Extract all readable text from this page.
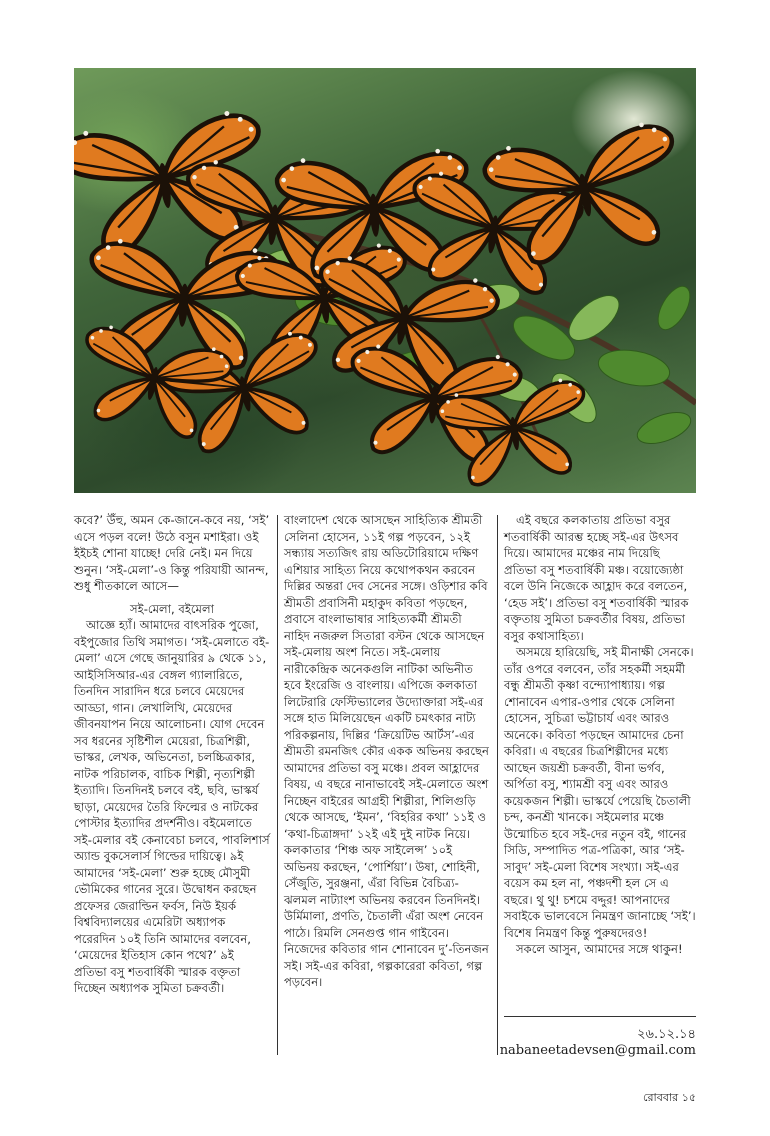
কবে?’ উঁহু, অমন কে-জানে-কবে নয়, ‘সই’ এসে পড়ল বলে! উঠে বসুন মশাইরা। ওই ইইচই শোনা যাচ্ছে! দেরি নেই। মন দিয়ে শুনুন। ‘সই-মেলা’-ও কিন্তু পরিযায়ী আনন্দ, শুধু শীতকালে আসে—

সই-মেলা, বইমেলা

আজ্ঞে হ্যাঁ। আমাদের বাৎসরিক পুজো, বইপুজোর তিথি সমাগত। ‘সই-মেলাতে বই-মেলা’ এসে গেছে জানুয়ারির ৯ থেকে ১১, আইসিসিআর-এর বেঙ্গল গ্যালারিতে, তিনদিন সারাদিন ধরে চলবে মেয়েদের আড্ডা, গান। লেখালিখি, মেয়েদের জীবনযাপন নিয়ে আলোচনা। যোগ দেবেন সব ধরনের সৃষ্টিশীল মেয়েরা, চিত্রশিল্পী, ভাস্কর, লেখক, অভিনেতা, চলচ্চিত্রকার, নাটক পরিচালক, বাচিক শিল্পী, নৃত্যশিল্পী ইত্যাদি। তিনদিনই চলবে বই, ছবি, ভাস্কর্য ছাড়া, মেয়েদের তৈরি ফিল্মের ও নাটকের পোস্টার ইত্যাদির প্রদর্শনীও। বইমেলাতে সই-মেলার বই কেনাবেচা চলবে, পাবলিশার্স অ্যান্ড বুকসেলার্স গিল্ডের দায়িত্বে। ৯ই আমাদের ‘সই-মেলা’ শুরু হচ্ছে মৌসুমী ভৌমিকের গানের সুরে। উদ্বোধন করছেন প্রফেসর জেরাল্ডিন ফর্বস, নিউ ইয়র্ক বিশ্ববিদ্যালয়ের এমেরিটা অধ্যাপক পরেরদিন ১০ই তিনি আমাদের বলবেন, ‘মেয়েদের ইতিহাস কোন পথে?’ ৯ই প্রতিভা বসু শতবার্ষিকী স্মারক বক্তৃতা দিচ্ছেন অধ্যাপক সুমিতা চক্রবর্তী।

বাংলাদেশ থেকে আসছেন সাহিত্যিক শ্রীমতী সেলিনা হোসেন, ১১ই গল্প পড়বেন, ১২ই সন্ধ্যায় সত্যজিৎ রায় অডিটোরিয়ামে দক্ষিণ এশিয়ার সাহিত্য নিয়ে কথোপকথন করবেন দিল্লির অন্তরা দেব সেনের সঙ্গে। ওড়িশার কবি শ্রীমতী প্রবাসিনী মহাকুদ কবিতা পড়ছেন, প্রবাসে বাংলাভাষার সাহিত্যকর্মী শ্রীমতী নাহিদ নজরুল সিতারা বস্টন থেকে আসছেন সই-মেলায় অংশ নিতে। সই-মেলায় নারীকেন্দ্রিক অনেকগুলি নাটিকা অভিনীত হবে ইংরেজি ও বাংলায়। এপিজে কলকাতা লিটেরারি ফেস্টিভ্যালের উদ্যোক্তারা সই-এর সঙ্গে হাত মিলিয়েছেন একটি চমৎকার নাট্য পরিকল্পনায়, দিল্লির ‘ক্রিয়েটিভ আর্টস’-এর শ্রীমতী রমনজিৎ কৌর একক অভিনয় করছেন আমাদের প্রতিভা বসু মঞ্চে। প্রবল আহ্লাদের বিষয়, এ বছরে নানাভাবেই সই-মেলাতে অংশ নিচ্ছেন বাইরের আগ্রহী শিল্পীরা, শিলিগুড়ি থেকে আসছে, ‘ইমন’, ‘বিহরির কথা’ ১১ই ও ‘কথা-চিত্রাঙ্গদা’ ১২ই এই দুই নাটক নিয়ে। কলকাতার ‘শিঞ্চ অফ সাইলেন্স’ ১০ই অভিনয় করছেন, ‘পোর্শিয়া’। উষা, শোহিনী, সেঁজুতি, সুরঞ্জনা, এঁরা বিভিন্ন বৈচিত্র্য-ঝলমল নাট্যাংশ অভিনয় করবেন তিনদিনই। উর্মিমালা, প্রণতি, চৈতালী এঁরা অংশ নেবেন পাঠে। রিমলি সেনগুপ্ত গান গাইবেন। নিজেদের কবিতার গান শোনাবেন দু’-তিনজন সই। সই-এর কবিরা, গল্পকারেরা কবিতা, গল্প পড়বেন।

এই বছরে কলকাতায় প্রতিভা বসুর শতবার্ষিকী আরম্ভ হচ্ছে সই-এর উৎসব দিয়ে। আমাদের মঞ্চের নাম দিয়েছি প্রতিভা বসু শতবার্ষিকী মঞ্চ। বয়োজ্যেষ্ঠা বলে উনি নিজেকে আহ্লাদ করে বলতেন, ‘হেড সই’। প্রতিভা বসু শতবার্ষিকী স্মারক বক্তৃতায় সুমিতা চক্রবর্তীর বিষয়, প্রতিভা বসুর কথাসাহিত্য।

অসময়ে হারিয়েছি, সই মীনাক্ষী সেনকে। তাঁর ওপরে বলবেন, তাঁর সহকর্মী সহমর্মী বন্ধু শ্রীমতী কৃষ্ণা বন্দ্যোপাধ্যায়। গল্প শোনাবেন এপার-ওপার থেকে সেলিনা হোসেন, সুচিত্রা ভট্টাচার্য এবং আরও অনেকে। কবিতা পড়ছেন আমাদের চেনা কবিরা। এ বছরের চিত্রশিল্পীদের মধ্যে আছেন জয়শ্রী চক্রবর্তী, বীনা ভর্গব, অর্পিতা বসু, শ্যামশ্রী বসু এবং আরও কয়েকজন শিল্পী। ভাস্কর্যে পেয়েছি চৈতালী চন্দ, কনশ্রী খানকে। সইমেলার মঞ্চে উন্মোচিত হবে সই-দের নতুন বই, গানের সিডি, সম্পাদিত পত্র-পত্রিকা, আর ‘সই-সাবুদ’ সই-মেলা বিশেষ সংখ্যা। সই-এর বয়েস কম হল না, পঞ্চদশী হল সে এ বছরে। থু থু! চশমে বদ্দুর! আপনাদের সবাইকে ভালবেসে নিমন্ত্রণ জানাচ্ছে ‘সই’। বিশেষ নিমন্ত্রণ কিন্তু পুরুষদেরও!

সকলে আসুন, আমাদের সঙ্গে থাকুন!

২৬.১২.১৪
nabaneetadevsen@gmail.com
রোববার ১৫
